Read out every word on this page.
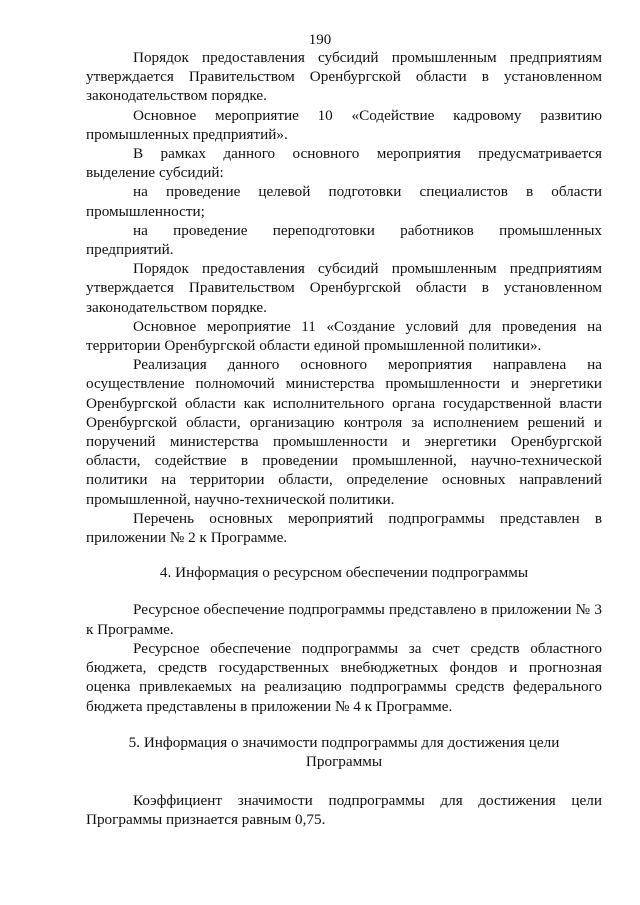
190

Порядок предоставления субсидий промышленным предприятиям утверждается Правительством Оренбургской области в установленном законодательством порядке.

Основное мероприятие 10 «Содействие кадровому развитию промышленных предприятий».

В рамках данного основного мероприятия предусматривается выделение субсидий:

на проведение целевой подготовки специалистов в области промышленности;

на проведение переподготовки работников промышленных предприятий.

Порядок предоставления субсидий промышленным предприятиям утверждается Правительством Оренбургской области в установленном законодательством порядке.

Основное мероприятие 11 «Создание условий для проведения на территории Оренбургской области единой промышленной политики».

Реализация данного основного мероприятия направлена на осуществление полномочий министерства промышленности и энергетики Оренбургской области как исполнительного органа государственной власти Оренбургской области, организацию контроля за исполнением решений и поручений министерства промышленности и энергетики Оренбургской области, содействие в проведении промышленной, научно-технической политики на территории области, определение основных направлений промышленной, научно-технической политики.

Перечень основных мероприятий подпрограммы представлен в приложении № 2 к Программе.

4. Информация о ресурсном обеспечении подпрограммы

Ресурсное обеспечение подпрограммы представлено в приложении № 3 к Программе.

Ресурсное обеспечение подпрограммы за счет средств областного бюджета, средств государственных внебюджетных фондов и прогнозная оценка привлекаемых на реализацию подпрограммы средств федерального бюджета представлены в приложении № 4 к Программе.

5. Информация о значимости подпрограммы для достижения цели
Программы

Коэффициент значимости подпрограммы для достижения цели Программы признается равным 0,75.
